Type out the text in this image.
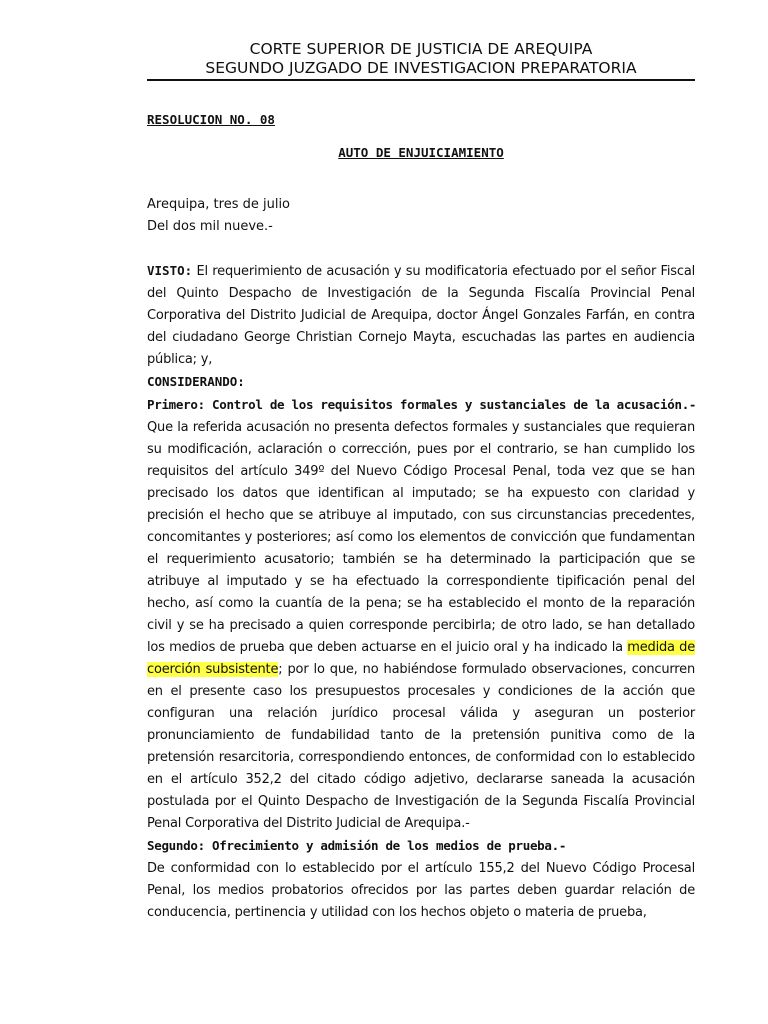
CORTE SUPERIOR DE JUSTICIA DE AREQUIPA
SEGUNDO JUZGADO DE INVESTIGACION PREPARATORIA
RESOLUCION NO. 08
AUTO DE ENJUICIAMIENTO
Arequipa, tres de julio
Del dos mil nueve.-

VISTO: El requerimiento de acusación y su modificatoria efectuado por el señor Fiscal del Quinto Despacho de Investigación de la Segunda Fiscalía Provincial Penal Corporativa del Distrito Judicial de Arequipa, doctor Ángel Gonzales Farfán, en contra del ciudadano George Christian Cornejo Mayta, escuchadas las partes en audiencia pública; y,

CONSIDERANDO:

Primero: Control de los requisitos formales y sustanciales de la acusación.-

Que la referida acusación no presenta defectos formales y sustanciales que requieran su modificación, aclaración o corrección, pues por el contrario, se han cumplido los requisitos del artículo 349º del Nuevo Código Procesal Penal, toda vez que se han precisado los datos que identifican al imputado; se ha expuesto con claridad y precisión el hecho que se atribuye al imputado, con sus circunstancias precedentes, concomitantes y posteriores; así como los elementos de convicción que fundamentan el requerimiento acusatorio; también se ha determinado la participación que se atribuye al imputado y se ha efectuado la correspondiente tipificación penal del hecho, así como la cuantía de la pena; se ha establecido el monto de la reparación civil y se ha precisado a quien corresponde percibirla; de otro lado, se han detallado los medios de prueba que deben actuarse en el juicio oral y ha indicado la medida de coerción subsistente; por lo que, no habiéndose formulado observaciones, concurren en el presente caso los presupuestos procesales y condiciones de la acción que configuran una relación jurídico procesal válida y aseguran un posterior pronunciamiento de fundabilidad tanto de la pretensión punitiva como de la pretensión resarcitoria, correspondiendo entonces, de conformidad con lo establecido en el artículo 352,2 del citado código adjetivo, declararse saneada la acusación postulada por el Quinto Despacho de Investigación de la Segunda Fiscalía Provincial Penal Corporativa del Distrito Judicial de Arequipa.-

Segundo: Ofrecimiento y admisión de los medios de prueba.-

De conformidad con lo establecido por el artículo 155,2 del Nuevo Código Procesal Penal, los medios probatorios ofrecidos por las partes deben guardar relación de conducencia, pertinencia y utilidad con los hechos objeto o materia de prueba,
